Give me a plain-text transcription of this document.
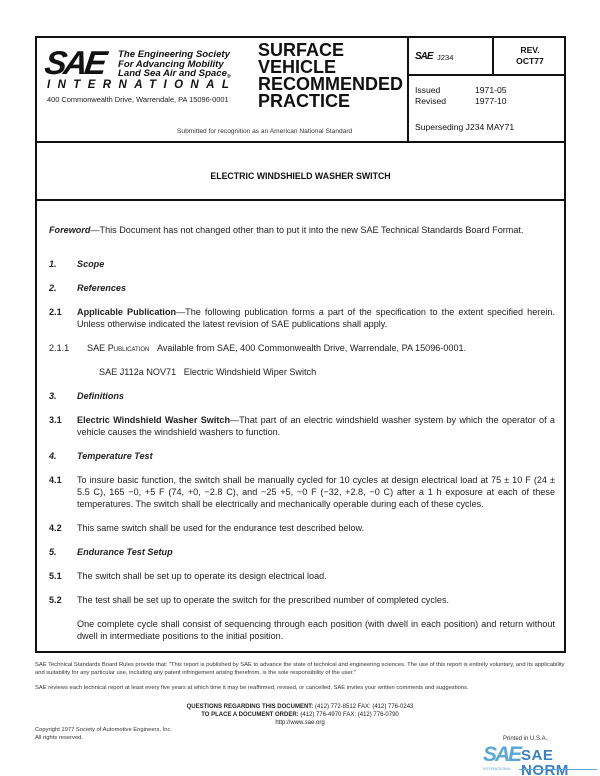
SAE The Engineering Society
For Advancing Mobility
Land Sea Air and Space$_®$
INTERNATIONAL
400 Commonwealth Drive, Warrendale, PA 15096-0001
SURFACE
VEHICLE
RECOMMENDED
PRACTICE
Submitted for recognition as an American National Standard
SAE J234
REV.
OCT77
Issued	1971-05
Revised	1977-10
Superseding J234 MAY71
ELECTRIC WINDSHIELD WASHER SWITCH
Foreword—This Document has not changed other than to put it into the new SAE Technical Standards Board Format.
1.	Scope
2.	References
2.1	Applicable Publication—The following publication forms a part of the specification to the extent specified herein. Unless otherwise indicated the latest revision of SAE publications shall apply.
2.1.1	SAE Publication Available from SAE, 400 Commonwealth Drive, Warrendale, PA 15096-0001.
SAE J112a NOV71   Electric Windshield Wiper Switch
3.	Definitions
3.1	Electric Windshield Washer Switch—That part of an electric windshield washer system by which the operator of a vehicle causes the windshield washers to function.
4.	Temperature Test
4.1	To insure basic function, the switch shall be manually cycled for 10 cycles at design electrical load at 75 ± 10 F (24 ± 5.5 C), 165 −0, +5 F (74, +0, −2.8 C), and −25 +5, −0 F (−32, +2.8, −0 C) after a 1 h exposure at each of these temperatures. The switch shall be electrically and mechanically operable during each of these cycles.
4.2	This same switch shall be used for the endurance test described below.
5.	Endurance Test Setup
5.1	The switch shall be set up to operate its design electrical load.
5.2	The test shall be set up to operate the switch for the prescribed number of completed cycles.
One complete cycle shall consist of sequencing through each position (with dwell in each position) and return without dwell in intermediate positions to the initial position.
SAE Technical Standards Board Rules provide that: "This report is published by SAE to advance the state of technical and engineering sciences. The use of this report is entirely voluntary, and its applicability and suitability for any particular use, including any patent infringement arising therefrom, is the sole responsibility of the user."
SAE reviews each technical report at least every five years at which time it may be reaffirmed, revised, or cancelled. SAE invites your written comments and suggestions.
QUESTIONS REGARDING THIS DOCUMENT: (412) 772-8512 FAX: (412) 776-0243
TO PLACE A DOCUMENT ORDER: (412) 776-4970 FAX: (412) 776-0790
http://www.sae.org
Copyright 1977 Society of Automotive Engineers, Inc.
All rights reserved.	Printed in U.S.A.
SAE SAE NORM
INTERNATIONAL
